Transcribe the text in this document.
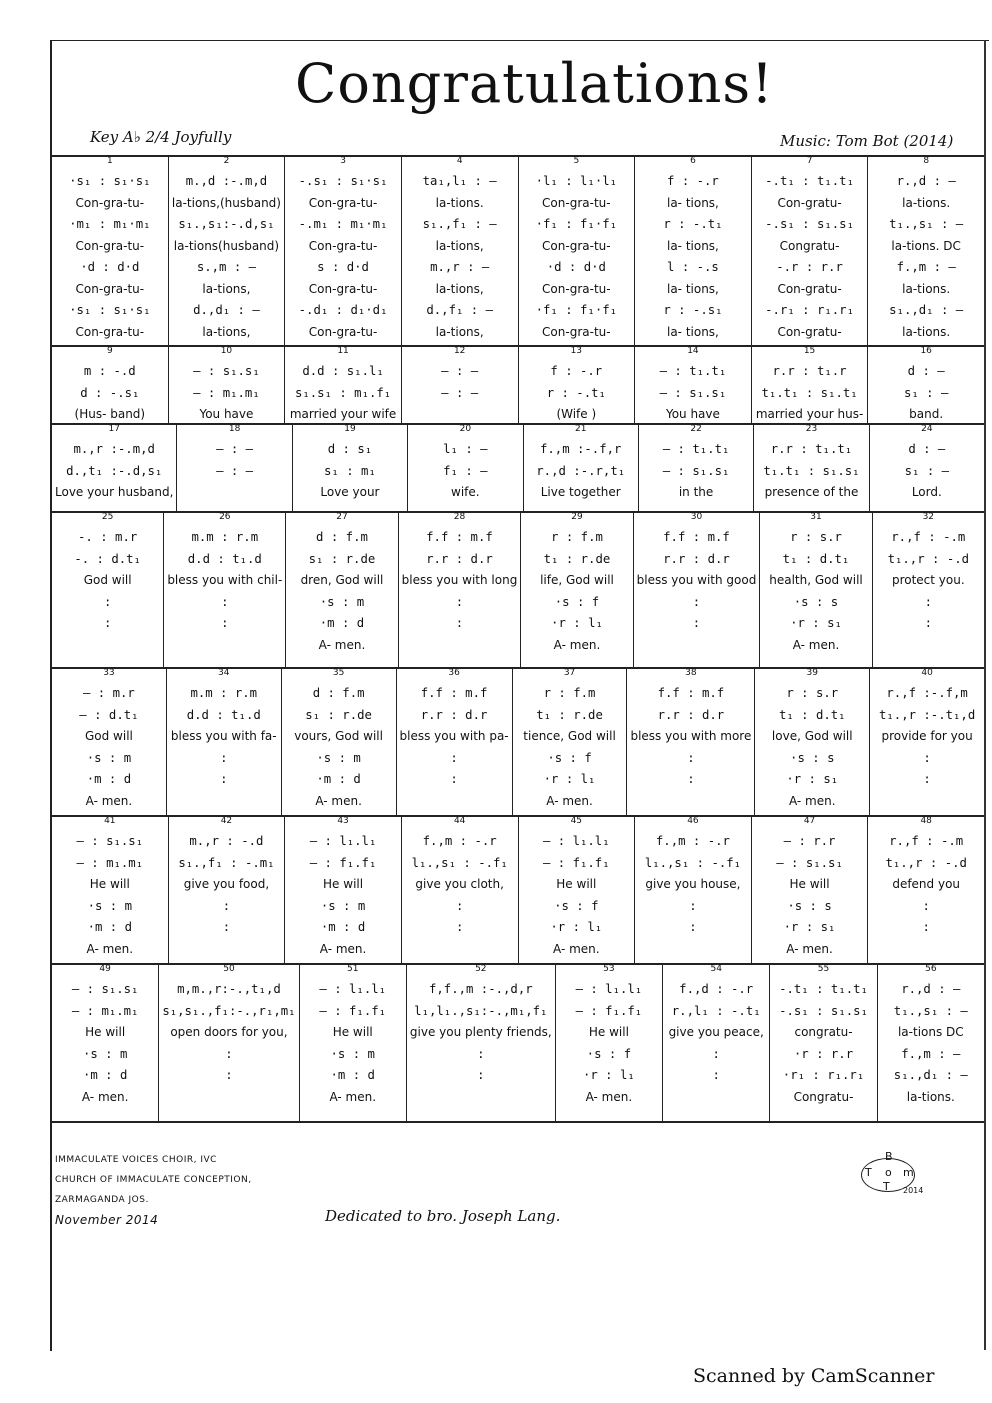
Congratulations!
Key A♭ 2/4 Joyfully	Music: Tom Bot (2014)
1
·s₁ : s₁·s₁
Con-gra-tu-
·m₁ : m₁·m₁
Con-gra-tu-
·d : d·d
Con-gra-tu-
·s₁ : s₁·s₁
Con-gra-tu-
2
m.,d :-.m,d
la-tions,(husband)
s₁.,s₁:-.d,s₁
la-tions(husband)
s.,m : –
la-tions,
d.,d₁ : –
la-tions,
3
-.s₁ : s₁·s₁
Con-gra-tu-
-.m₁ : m₁·m₁
Con-gra-tu-
s : d·d
Con-gra-tu-
-.d₁ : d₁·d₁
Con-gra-tu-
4
ta₁,l₁ : –
la-tions.
s₁.,f₁ : –
la-tions,
m.,r : –
la-tions,
d.,f₁ : –
la-tions,
5
·l₁ : l₁·l₁
Con-gra-tu-
·f₁ : f₁·f₁
Con-gra-tu-
·d : d·d
Con-gra-tu-
·f₁ : f₁·f₁
Con-gra-tu-
6
f : -.r
la- tions,
r : -.t₁
la- tions,
l : -.s
la- tions,
r : -.s₁
la- tions,
7
-.t₁ : t₁.t₁
Con-gratu-
-.s₁ : s₁.s₁
Congratu-
-.r : r.r
Con-gratu-
-.r₁ : r₁.r₁
Con-gratu-
8
r.,d : –
la-tions.
t₁.,s₁ : –
la-tions. DC
f.,m : –
la-tions.
s₁.,d₁ : –
la-tions.
9
m : -.d
d : -.s₁
(Hus- band)
10
– : s₁.s₁
– : m₁.m₁
You have
11
d.d : s₁.l₁
s₁.s₁ : m₁.f₁
married your wife
12
– : –
– : –
13
f : -.r
r : -.t₁
(Wife )
14
– : t₁.t₁
– : s₁.s₁
You have
15
r.r : t₁.r
t₁.t₁ : s₁.t₁
married your hus-
16
d : –
s₁ : –
band.
17
m.,r :-.m,d
d.,t₁ :-.d,s₁
Love your husband,
18
– : –
– : –
19
d : s₁
s₁ : m₁
Love your
20
l₁ : –
f₁ : –
wife.
21
f.,m :-.f,r
r.,d :-.r,t₁
Live together
22
– : t₁.t₁
– : s₁.s₁
in the
23
r.r : t₁.t₁
t₁.t₁ : s₁.s₁
presence of the
24
d : –
s₁ : –
Lord.
25
-. : m.r
-. : d.t₁
God will
:
:
26
m.m : r.m
d.d : t₁.d
bless you with chil-
:
:
27
d : f.m
s₁ : r.de
dren, God will
·s : m
·m : d
A- men.
28
f.f : m.f
r.r : d.r
bless you with long
:
:
29
r : f.m
t₁ : r.de
life, God will
·s : f
·r : l₁
A- men.
30
f.f : m.f
r.r : d.r
bless you with good
:
:
31
r : s.r
t₁ : d.t₁
health, God will
·s : s
·r : s₁
A- men.
32
r.,f : -.m
t₁.,r : -.d
protect you.
:
:
33
– : m.r
– : d.t₁
God will
·s : m
·m : d
A- men.
34
m.m : r.m
d.d : t₁.d
bless you with fa-
:
:
35
d : f.m
s₁ : r.de
vours, God will
·s : m
·m : d
A- men.
36
f.f : m.f
r.r : d.r
bless you with pa-
:
:
37
r : f.m
t₁ : r.de
tience, God will
·s : f
·r : l₁
A- men.
38
f.f : m.f
r.r : d.r
bless you with more
:
:
39
r : s.r
t₁ : d.t₁
love, God will
·s : s
·r : s₁
A- men.
40
r.,f :-.f,m
t₁.,r :-.t₁,d
provide for you
:
:
41
– : s₁.s₁
– : m₁.m₁
He will
·s : m
·m : d
A- men.
42
m.,r : -.d
s₁.,f₁ : -.m₁
give you food,
:
:
43
– : l₁.l₁
– : f₁.f₁
He will
·s : m
·m : d
A- men.
44
f.,m : -.r
l₁.,s₁ : -.f₁
give you cloth,
:
:
45
– : l₁.l₁
– : f₁.f₁
He will
·s : f
·r : l₁
A- men.
46
f.,m : -.r
l₁.,s₁ : -.f₁
give you house,
:
:
47
– : r.r
– : s₁.s₁
He will
·s : s
·r : s₁
A- men.
48
r.,f : -.m
t₁.,r : -.d
defend you
:
:
49
– : s₁.s₁
– : m₁.m₁
He will
·s : m
·m : d
A- men.
50
m,m.,r:-.,t₁,d
s₁,s₁.,f₁:-.,r₁,m₁
open doors for you,
:
:
51
– : l₁.l₁
– : f₁.f₁
He will
·s : m
·m : d
A- men.
52
f,f.,m :-.,d,r
l₁,l₁.,s₁:-.,m₁,f₁
give you plenty friends,
:
:
53
– : l₁.l₁
– : f₁.f₁
He will
·s : f
·r : l₁
A- men.
54
f.,d : -.r
r.,l₁ : -.t₁
give you peace,
:
:
55
-.t₁ : t₁.t₁
-.s₁ : s₁.s₁
congratu-
·r : r.r
·r₁ : r₁.r₁
Congratu-
56
r.,d : –
t₁.,s₁ : –
la-tions DC
f.,m : –
s₁.,d₁ : –
la-tions.
IMMACULATE VOICES CHOIR, IVC
CHURCH OF IMMACULATE CONCEPTION,
ZARMAGANDA JOS.
November 2014	Dedicated to bro. Joseph Lang.
B
T o m
T 2014
Scanned by CamScanner
